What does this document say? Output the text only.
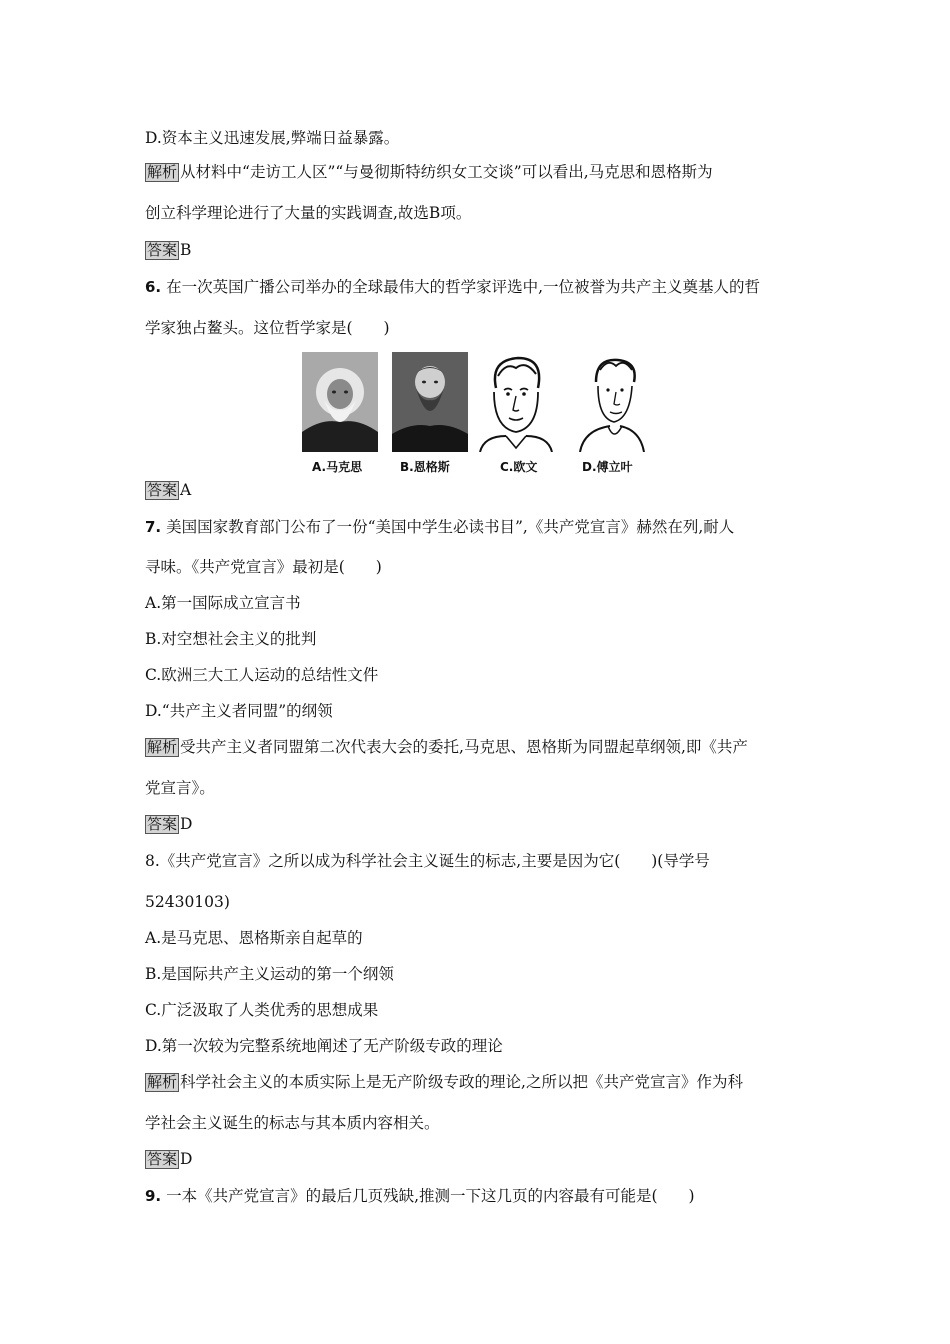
D.资本主义迅速发展,弊端日益暴露。
解析 从材料中“走访工人区”“与曼彻斯特纺织女工交谈”可以看出,马克思和恩格斯为
创立科学理论进行了大量的实践调查,故选B项。
答案 B
6. 在一次英国广播公司举办的全球最伟大的哲学家评选中,一位被誉为共产主义奠基人的哲
学家独占鳌头。这位哲学家是(　　)
A.马克思	B.恩格斯	C.欧文	D.傅立叶
答案 A
7. 美国国家教育部门公布了一份“美国中学生必读书目”,《共产党宣言》赫然在列,耐人
寻味。《共产党宣言》最初是(　　)
A.第一国际成立宣言书
B.对空想社会主义的批判
C.欧洲三大工人运动的总结性文件
D.“共产主义者同盟”的纲领
解析 受共产主义者同盟第二次代表大会的委托,马克思、恩格斯为同盟起草纲领,即《共产
党宣言》。
答案 D
8.《共产党宣言》之所以成为科学社会主义诞生的标志,主要是因为它(　　)(导学号
52430103)
A.是马克思、恩格斯亲自起草的
B.是国际共产主义运动的第一个纲领
C.广泛汲取了人类优秀的思想成果
D.第一次较为完整系统地阐述了无产阶级专政的理论
解析 科学社会主义的本质实际上是无产阶级专政的理论,之所以把《共产党宣言》作为科
学社会主义诞生的标志与其本质内容相关。
答案 D
9. 一本《共产党宣言》的最后几页残缺,推测一下这几页的内容最有可能是(　　)
